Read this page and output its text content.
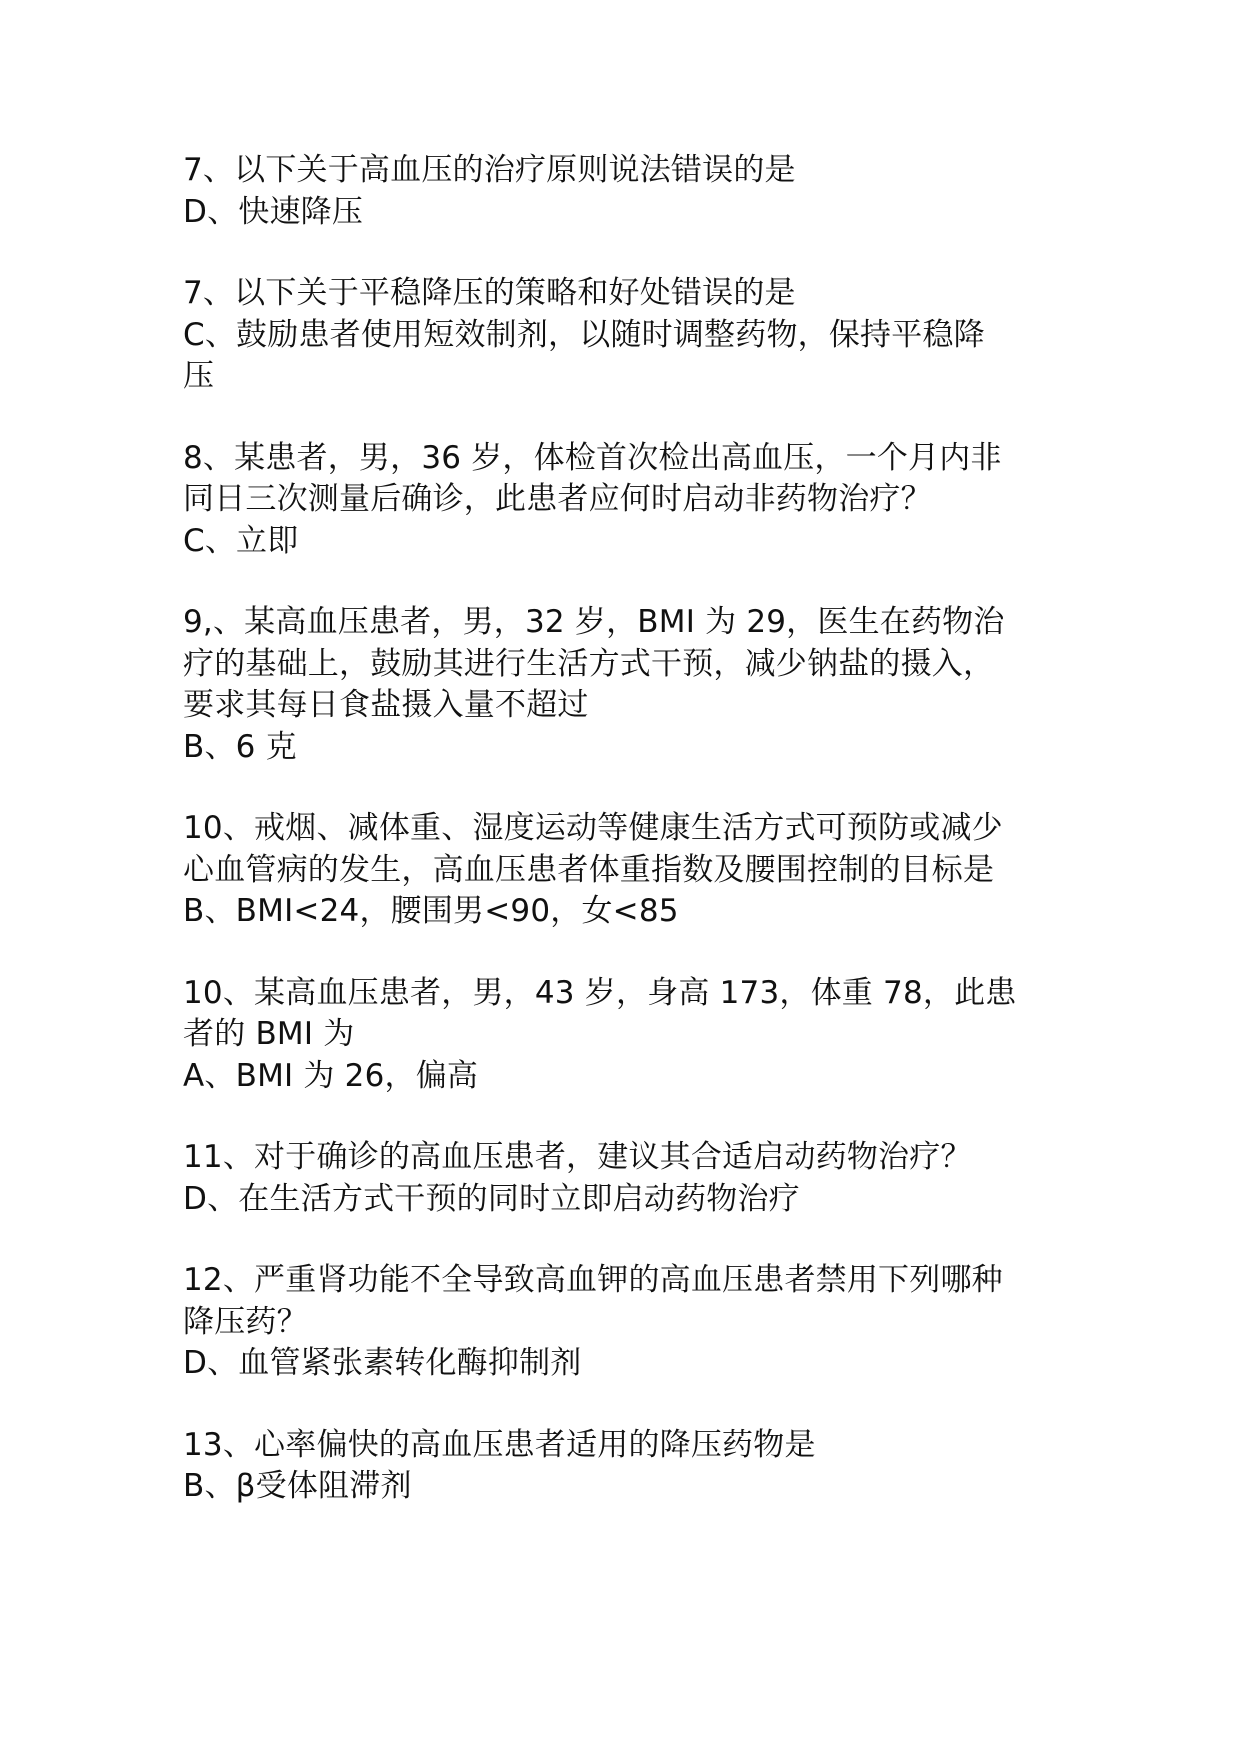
7、以下关于高血压的治疗原则说法错误的是

D、快速降压

7、以下关于平稳降压的策略和好处错误的是

C、鼓励患者使用短效制剂，以随时调整药物，保持平稳降

压

8、某患者，男，36 岁，体检首次检出高血压，一个月内非

同日三次测量后确诊，此患者应何时启动非药物治疗？

C、立即

9,、某高血压患者，男，32 岁，BMI 为 29，医生在药物治

疗的基础上，鼓励其进行生活方式干预，减少钠盐的摄入，

要求其每日食盐摄入量不超过

B、6 克

10、戒烟、减体重、湿度运动等健康生活方式可预防或减少

心血管病的发生，高血压患者体重指数及腰围控制的目标是

B、BMI<24，腰围男<90，女<85

10、某高血压患者，男，43 岁，身高 173，体重 78，此患

者的 BMI 为

A、BMI 为 26，偏高

11、对于确诊的高血压患者，建议其合适启动药物治疗？

D、在生活方式干预的同时立即启动药物治疗

12、严重肾功能不全导致高血钾的高血压患者禁用下列哪种

降压药？

D、血管紧张素转化酶抑制剂

13、心率偏快的高血压患者适用的降压药物是

B、β受体阻滞剂
